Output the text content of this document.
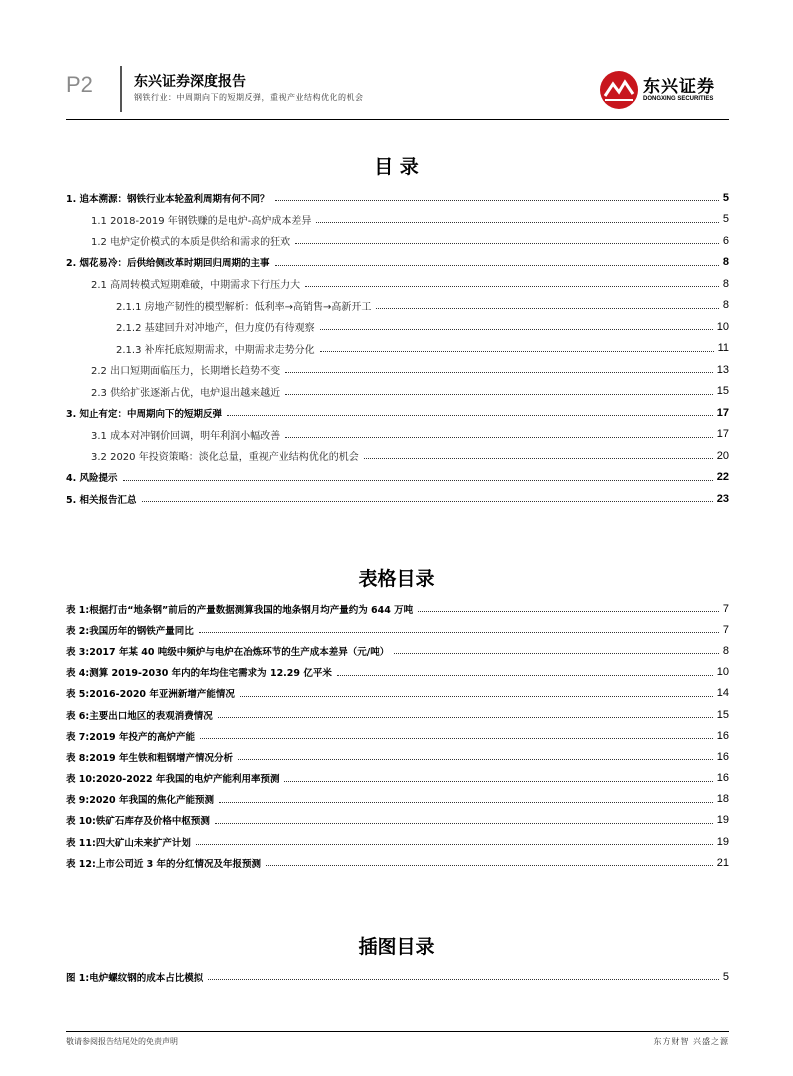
P2	东兴证券深度报告
钢铁行业：中周期向下的短期反弹，重视产业结构优化的机会
东兴证券
DONGXING SECURITIES
目 录
1. 追本溯源：钢铁行业本轮盈利周期有何不同？	5
1.1 2018-2019 年钢铁赚的是电炉-高炉成本差异	5
1.2 电炉定价模式的本质是供给和需求的狂欢	6
2. 烟花易冷：后供给侧改革时期回归周期的主事	8
2.1 高周转模式短期难破，中期需求下行压力大	8
2.1.1 房地产韧性的模型解析：低利率→高销售→高新开工	8
2.1.2 基建回升对冲地产，但力度仍有待观察	10
2.1.3 补库托底短期需求，中期需求走势分化	11
2.2 出口短期面临压力，长期增长趋势不变	13
2.3 供给扩张逐渐占优，电炉退出越来越近	15
3. 知止有定：中周期向下的短期反弹	17
3.1 成本对冲钢价回调，明年利润小幅改善	17
3.2 2020 年投资策略：淡化总量，重视产业结构优化的机会	20
4. 风险提示	22
5. 相关报告汇总	23
表格目录
表 1:根据打击“地条钢”前后的产量数据测算我国的地条钢月均产量约为 644 万吨	7
表 2:我国历年的钢铁产量同比	7
表 3:2017 年某 40 吨级中频炉与电炉在冶炼环节的生产成本差异（元/吨）	8
表 4:测算 2019-2030 年内的年均住宅需求为 12.29 亿平米	10
表 5:2016-2020 年亚洲新增产能情况	14
表 6:主要出口地区的表观消费情况	15
表 7:2019 年投产的高炉产能	16
表 8:2019 年生铁和粗钢增产情况分析	16
表 10:2020-2022 年我国的电炉产能利用率预测	16
表 9:2020 年我国的焦化产能预测	18
表 10:铁矿石库存及价格中枢预测	19
表 11:四大矿山未来扩产计划	19
表 12:上市公司近 3 年的分红情况及年报预测	21
插图目录
图 1:电炉螺纹钢的成本占比模拟	5
敬请参阅报告结尾处的免责声明	东方财智 兴盛之源
